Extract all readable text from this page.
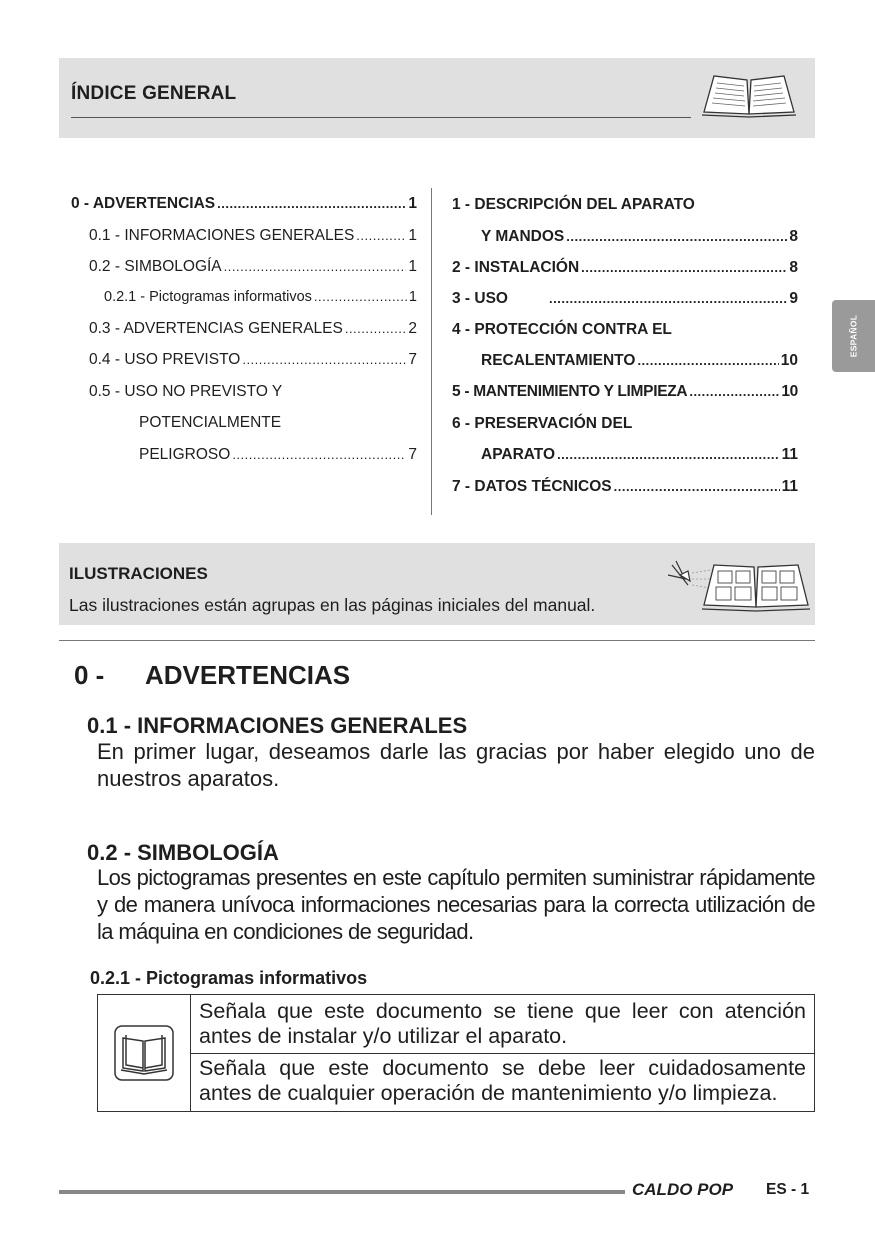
ÍNDICE GENERAL
0 - ADVERTENCIAS .....	1
0.1 - INFORMACIONES GENERALES .....	1
0.2 - SIMBOLOGÍA .....	1
0.2.1 - Pictogramas informativos .....	1
0.3 - ADVERTENCIAS GENERALES .....	2
0.4 - USO PREVISTO .....	7
0.5 - USO NO PREVISTO Y
POTENCIALMENTE
PELIGROSO .....	7
1 - DESCRIPCIÓN DEL APARATO
Y MANDOS .....	8
2 - INSTALACIÓN .....	8
3 - USO .....	9
4 - PROTECCIÓN CONTRA EL
RECALENTAMIENTO .....	10
5 - MANTENIMIENTO Y LIMPIEZA .....	10
6 - PRESERVACIÓN DEL
APARATO .....	11
7 - DATOS TÉCNICOS .....	11
ESPAÑOL
ILUSTRACIONES
Las ilustraciones están agrupas en las páginas iniciales del manual.
0 - ADVERTENCIAS
0.1 - INFORMACIONES GENERALES
En primer lugar, deseamos darle las gracias por haber elegido uno de nuestros aparatos.
0.2 - SIMBOLOGÍA
Los pictogramas presentes en este capítulo permiten suministrar rápidamente y de manera unívoca informaciones necesarias para la correcta utilización de la máquina en condiciones de seguridad.
0.2.1 - Pictogramas informativos
Señala que este documento se tiene que leer con atención antes de instalar y/o utilizar el aparato.
Señala que este documento se debe leer cuidadosamente antes de cualquier operación de mantenimiento y/o limpieza.
CALDO POP ES - 1
